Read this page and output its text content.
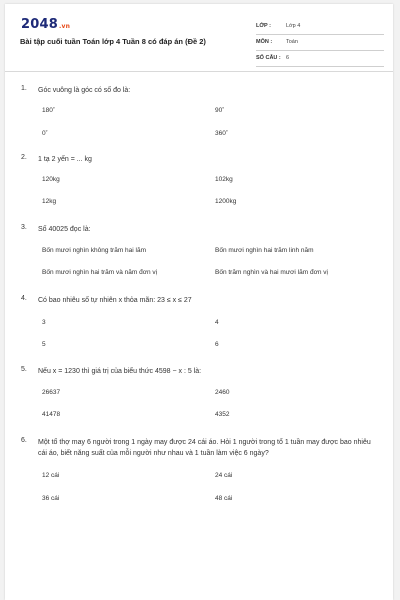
2048.vn
Bài tập cuối tuần Toán lớp 4 Tuần 8 có đáp án (Đề 2)
LỚP :	Lớp 4
MÔN :	Toán
SỐ CÂU : 6
1. Góc vuông là góc có số đo là:
180˚	90˚
0˚	360˚
2. 1 tạ 2 yến = ... kg
120kg	102kg
12kg	1200kg
3. Số 40025 đọc là:
Bốn mươi nghìn không trăm hai lăm	Bốn mươi nghìn hai trăm linh năm
Bốn mươi nghìn hai trăm và năm đơn vị	Bốn trăm nghìn và hai mươi lăm đơn vị
4. Có bao nhiêu số tự nhiên x thỏa mãn: 23 ≤ x ≤ 27
3	4
5	6
5. Nếu x = 1230 thì giá trị của biểu thức 4598 − x : 5 là:
26637	2460
41478	4352
6. Một tổ thợ may 6 người trong 1 ngày may được 24 cái áo. Hỏi 1 người trong tổ 1 tuần may được bao nhiêu cái áo, biết năng suất của mỗi người như nhau và 1 tuần làm việc 6 ngày?
12 cái	24 cái
36 cái	48 cái
